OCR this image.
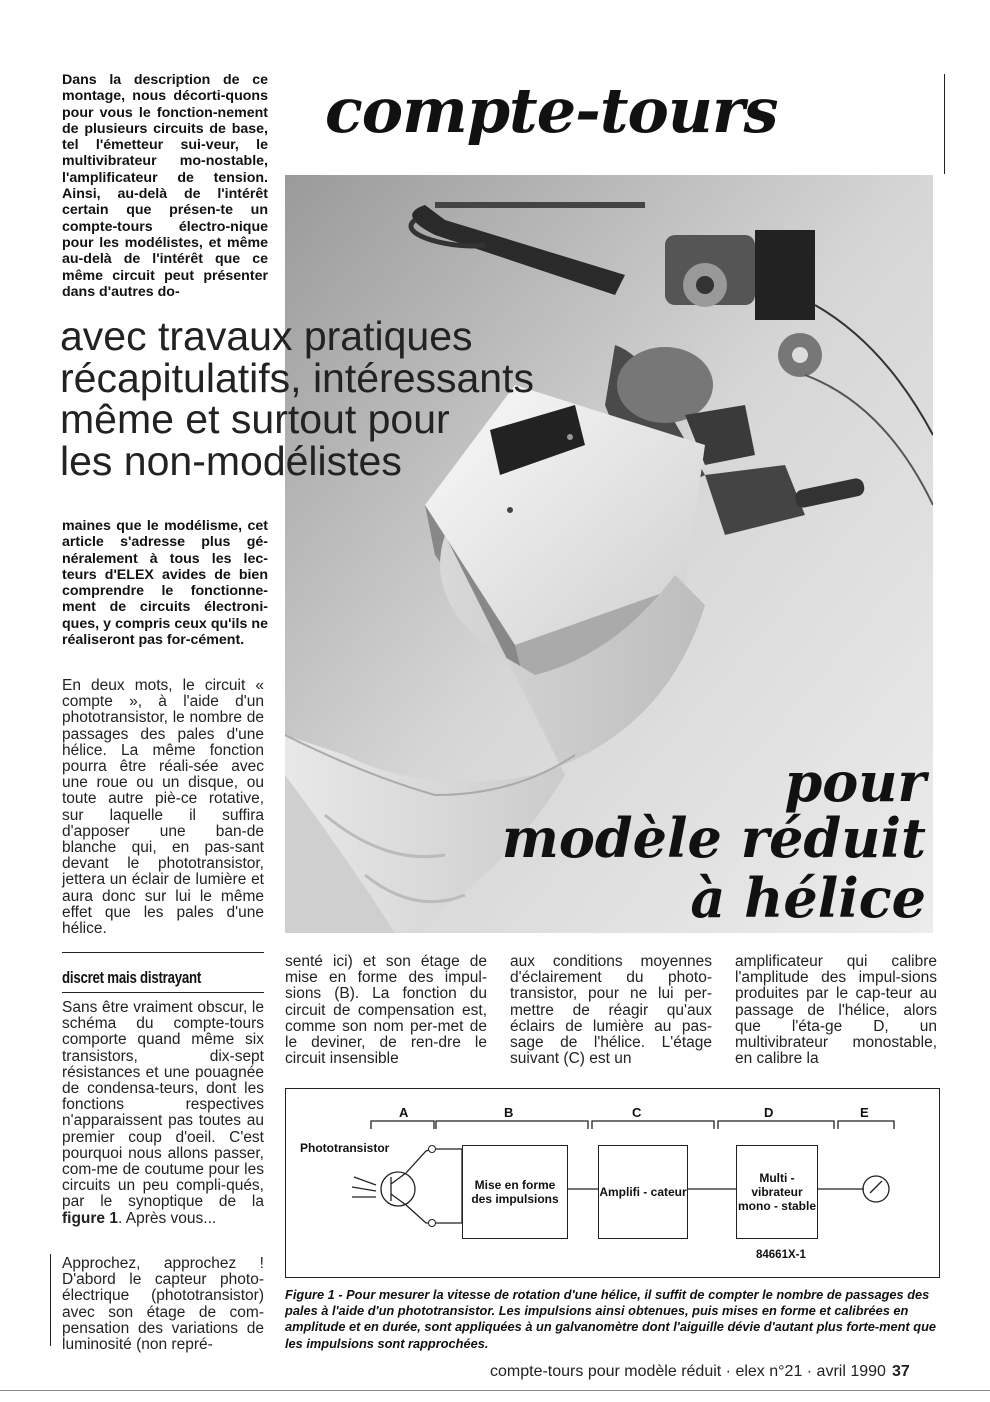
Dans la description de ce montage, nous décorti-quons pour vous le fonction-nement de plusieurs circuits de base, tel l'émetteur sui-veur, le multivibrateur mo-nostable, l'amplificateur de tension. Ainsi, au-delà de l'intérêt certain que présen-te un compte-tours électro-nique pour les modélistes, et même au-delà de l'intérêt que ce même circuit peut présenter dans d'autres do-
compte-tours
avec travaux pratiques
récapitulatifs, intéressants
même et surtout pour
les non-modélistes
maines que le modélisme, cet article s'adresse plus gé-néralement à tous les lec-teurs d'ELEX avides de bien comprendre le fonctionne-ment de circuits électroni-ques, y compris ceux qu'ils ne réaliseront pas for-cément.
pour
modèle réduit
à hélice
En deux mots, le circuit « compte », à l'aide d'un phototransistor, le nombre de passages des pales d'une hélice. La même fonction pourra être réali-sée avec une roue ou un disque, ou toute autre piè-ce rotative, sur laquelle il suffira d'apposer une ban-de blanche qui, en pas-sant devant le phototransistor, jettera un éclair de lumière et aura donc sur lui le même effet que les pales d'une hélice.
discret mais distrayant
Sans être vraiment obscur, le schéma du compte-tours comporte quand même six transistors, dix-sept résistances et une pouagnée de condensa-teurs, dont les fonctions respectives n'apparaissent pas toutes au premier coup d'oeil. C'est pourquoi nous allons passer, com-me de coutume pour les circuits un peu compli-qués, par le synoptique de la figure 1. Après vous...
Approchez, approchez ! D'abord le capteur photo-électrique (phototransistor) avec son étage de com-pensation des variations de luminosité (non repré-
senté ici) et son étage de mise en forme des impul-sions (B). La fonction du circuit de compensation est, comme son nom per-met de le deviner, de ren-dre le circuit insensible
aux conditions moyennes d'éclairement du photo-transistor, pour ne lui per-mettre de réagir qu'aux éclairs de lumière au pas-sage de l'hélice. L'étage suivant (C) est un
amplificateur qui calibre l'amplitude des impul-sions produites par le cap-teur au passage de l'hélice, alors que l'éta-ge D, un multivibrateur monostable, en calibre la
A	B	C	D	E
Phototransistor
Mise en forme des impulsions	Amplifi - cateur
Multi - vibrateur mono - stable
84661X-1
Figure 1 - Pour mesurer la vitesse de rotation d'une hélice, il suffit de compter le nombre de passages des pales à l'aide d'un phototransistor. Les impulsions ainsi obtenues, puis mises en forme et calibrées en amplitude et en durée, sont appliquées à un galvanomètre dont l'aiguille dévie d'autant plus forte-ment que les impulsions sont rapprochées.
compte-tours pour modèle réduit · elex n°21 · avril 1990 37
